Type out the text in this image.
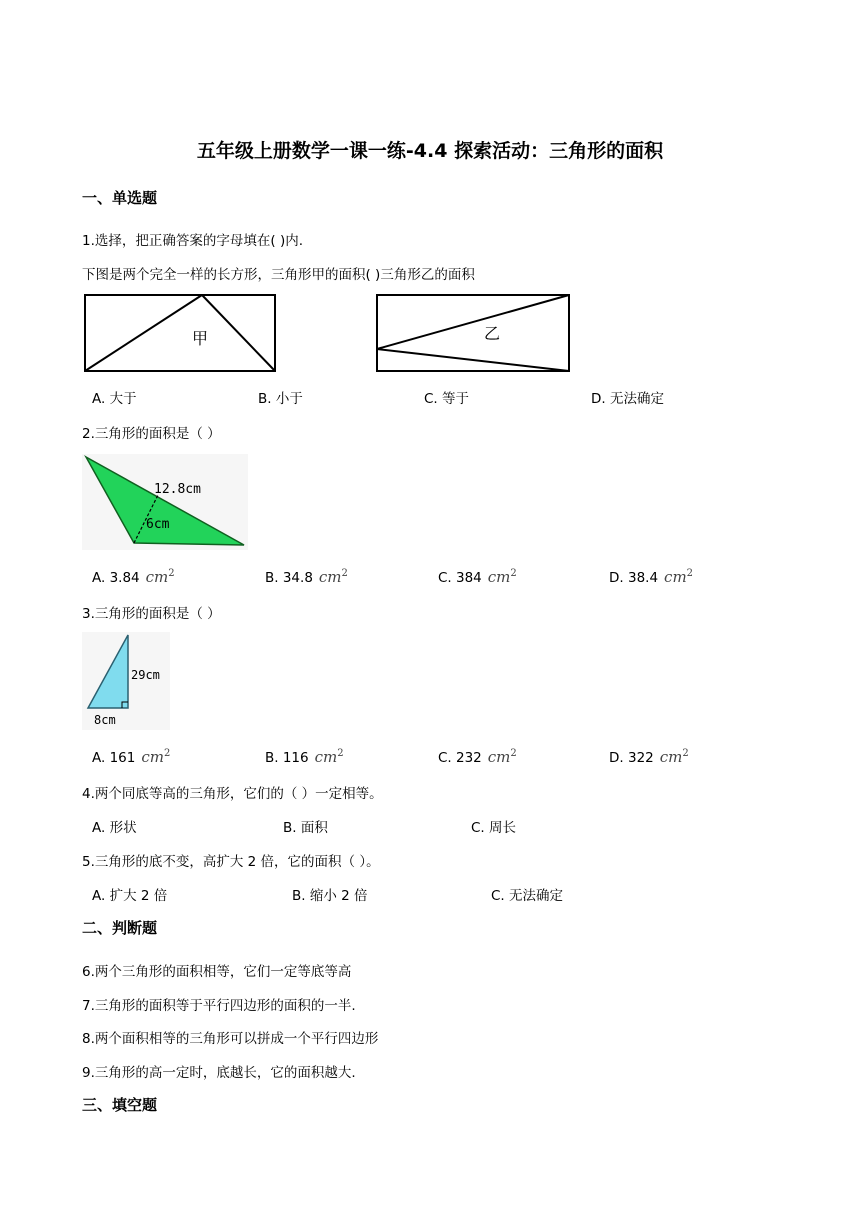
五年级上册数学一课一练-4.4 探索活动：三角形的面积
一、单选题
1.选择，把正确答案的字母填在( )内.
下图是两个完全一样的长方形，三角形甲的面积( )三角形乙的面积
甲	乙
A. 大于	B. 小于	C. 等于	D. 无法确定
2.三角形的面积是（ ）
12.8cm
6cm
A. 3.84 $cm^2$	B. 34.8 $cm^2$	C. 384 $cm^2$	D. 38.4 $cm^2$
3.三角形的面积是（ ）
29cm
8cm
A. 161 $cm^2$	B. 116 $cm^2$	C. 232 $cm^2$	D. 322 $cm^2$
4.两个同底等高的三角形，它们的（ ）一定相等。
A. 形状	B. 面积	C. 周长
5.三角形的底不变，高扩大 2 倍，它的面积（ ）。
A. 扩大 2 倍	B. 缩小 2 倍	C. 无法确定
二、判断题
6.两个三角形的面积相等，它们一定等底等高
7.三角形的面积等于平行四边形的面积的一半.
8.两个面积相等的三角形可以拼成一个平行四边形
9.三角形的高一定时，底越长，它的面积越大.
三、填空题
